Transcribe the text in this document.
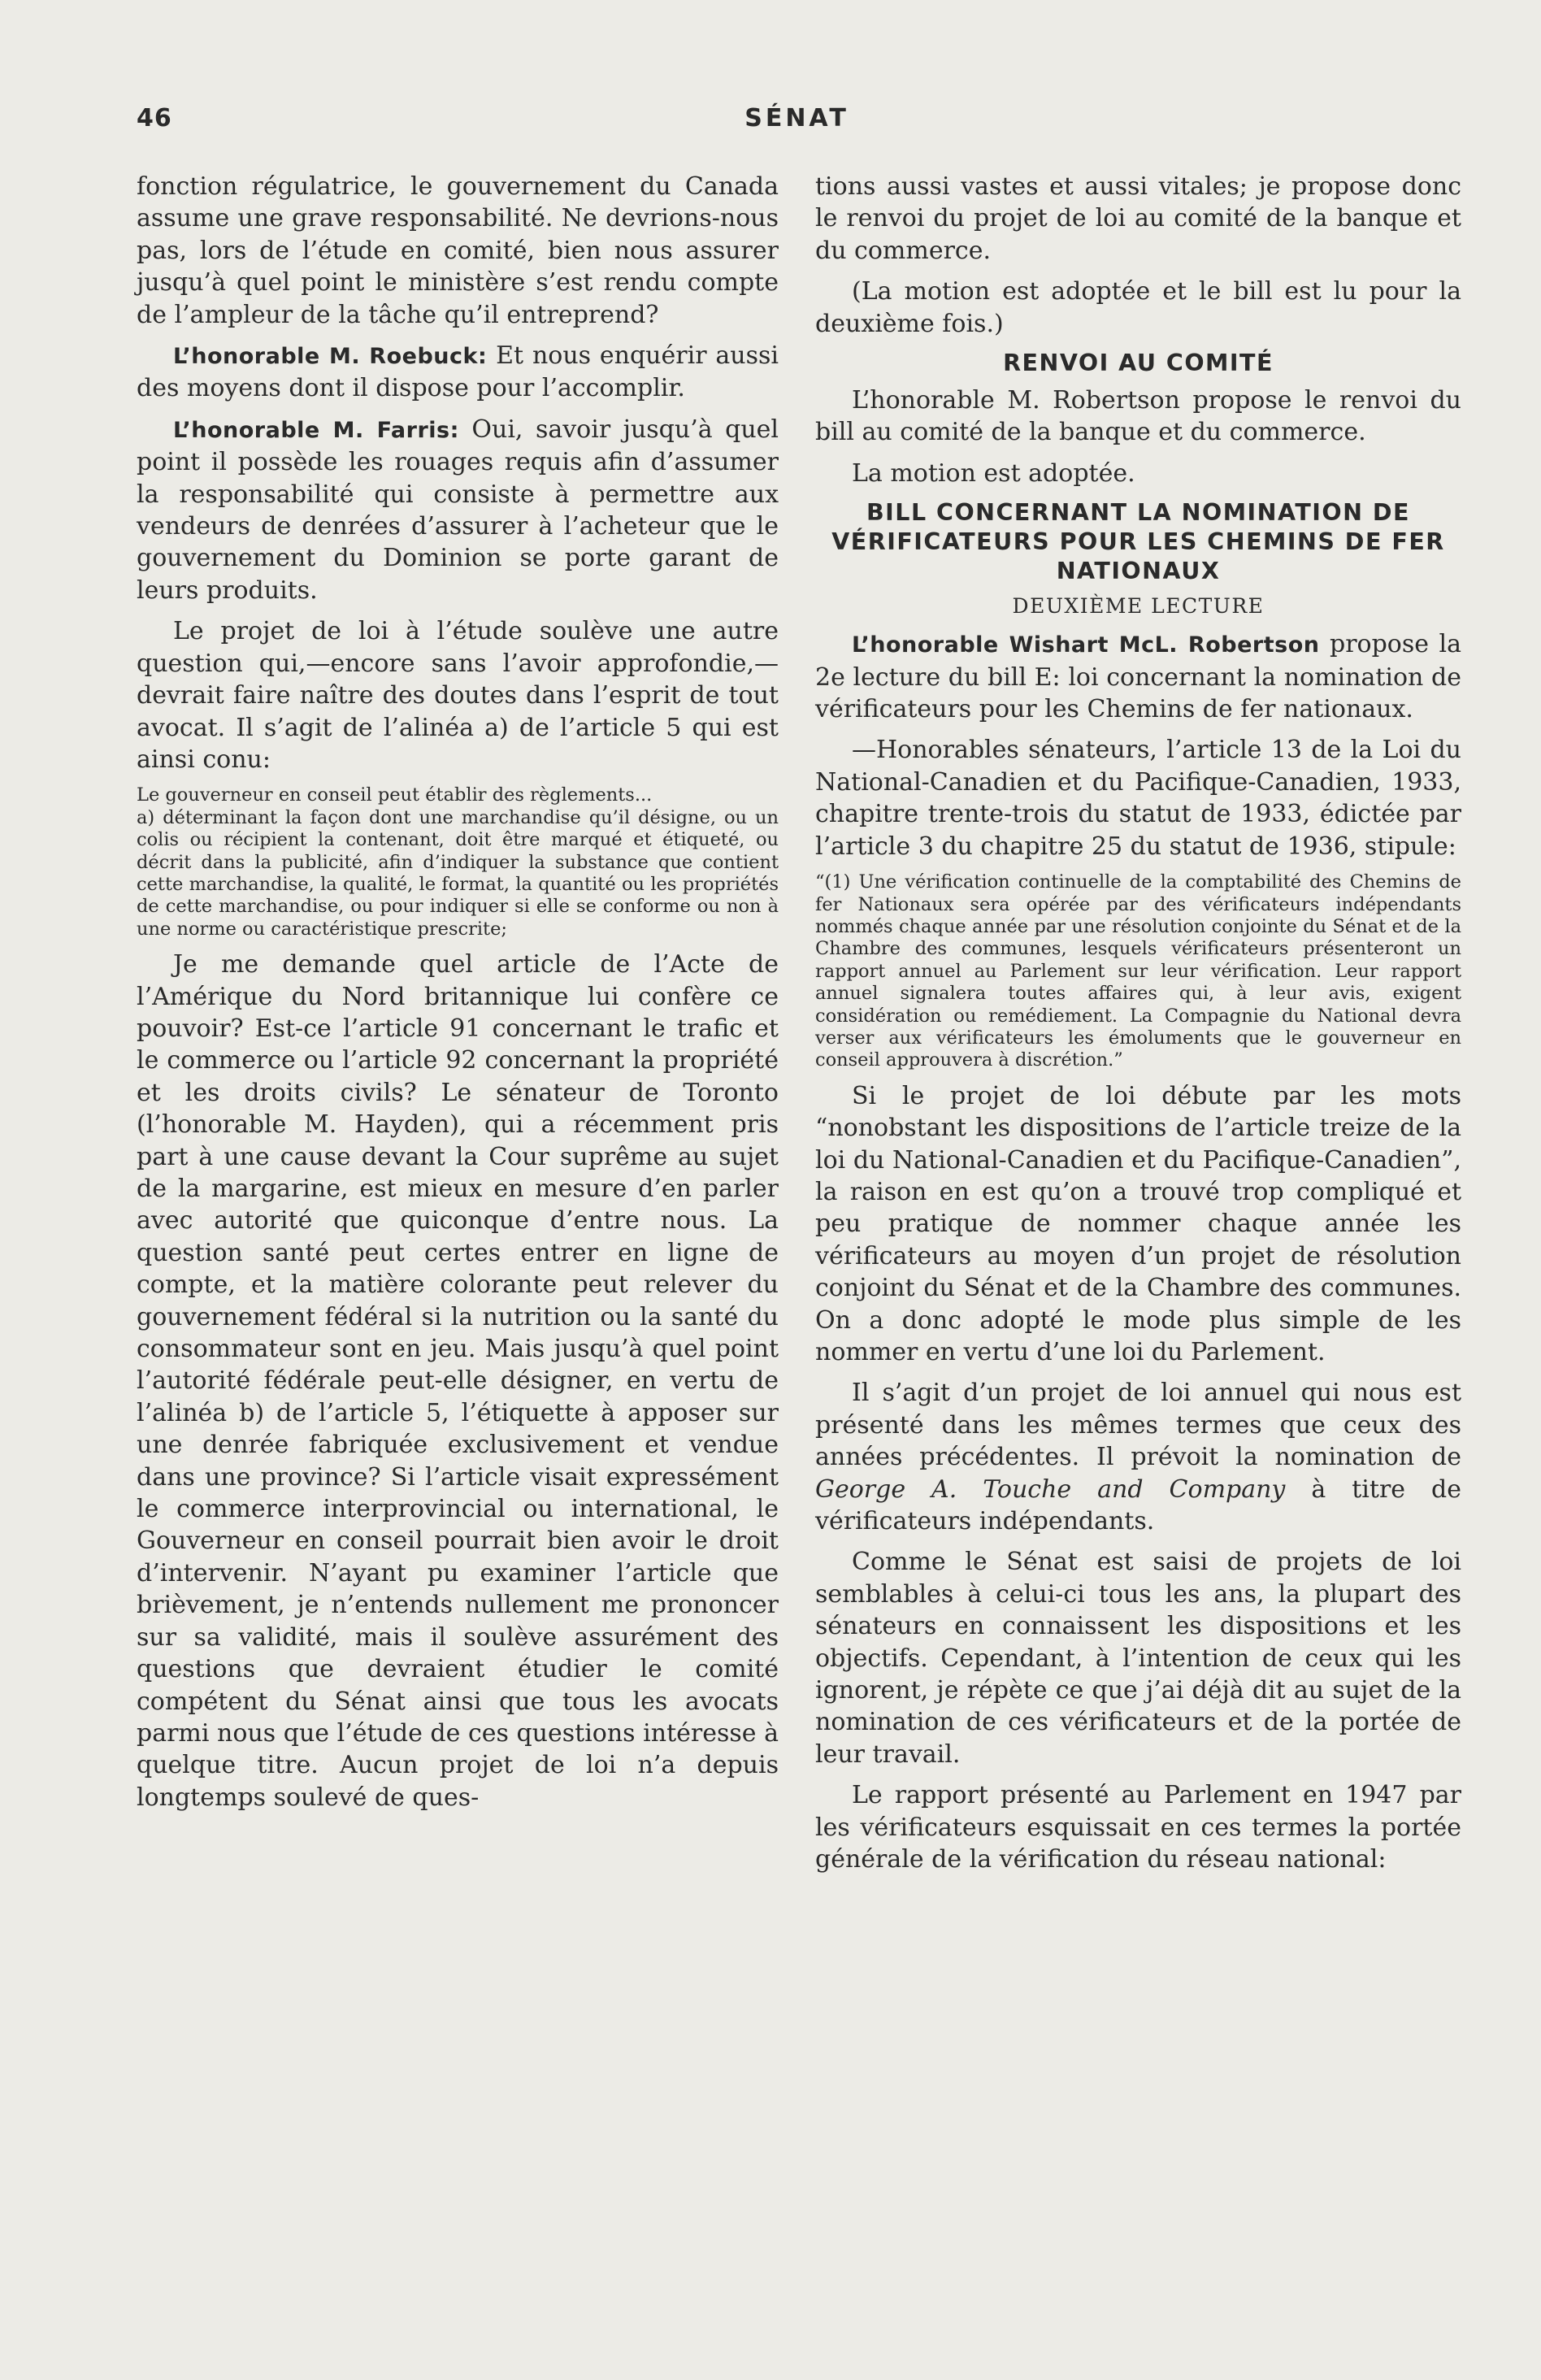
46	SÉNAT

fonction régulatrice, le gouvernement du Canada assume une grave responsabilité. Ne devrions-nous pas, lors de l’étude en comité, bien nous assurer jusqu’à quel point le ministère s’est rendu compte de l’ampleur de la tâche qu’il entreprend?

L’honorable M. Roebuck: Et nous enquérir aussi des moyens dont il dispose pour l’accomplir.

L’honorable M. Farris: Oui, savoir jusqu’à quel point il possède les rouages requis afin d’assumer la responsabilité qui consiste à permettre aux vendeurs de denrées d’assurer à l’acheteur que le gouvernement du Dominion se porte garant de leurs produits.

Le projet de loi à l’étude soulève une autre question qui,—encore sans l’avoir approfondie,—devrait faire naître des doutes dans l’esprit de tout avocat. Il s’agit de l’alinéa a) de l’article 5 qui est ainsi conu:

Le gouverneur en conseil peut établir des règlements...

a) déterminant la façon dont une marchandise qu’il désigne, ou un colis ou récipient la contenant, doit être marqué et étiqueté, ou décrit dans la publicité, afin d’indiquer la substance que contient cette marchandise, la qualité, le format, la quantité ou les propriétés de cette marchandise, ou pour indiquer si elle se conforme ou non à une norme ou caractéristique prescrite;

Je me demande quel article de l’Acte de l’Amérique du Nord britannique lui confère ce pouvoir? Est-ce l’article 91 concernant le trafic et le commerce ou l’article 92 concernant la propriété et les droits civils? Le sénateur de Toronto (l’honorable M. Hayden), qui a récemment pris part à une cause devant la Cour suprême au sujet de la margarine, est mieux en mesure d’en parler avec autorité que quiconque d’entre nous. La question santé peut certes entrer en ligne de compte, et la matière colorante peut relever du gouvernement fédéral si la nutrition ou la santé du consommateur sont en jeu. Mais jusqu’à quel point l’autorité fédérale peut-elle désigner, en vertu de l’alinéa b) de l’article 5, l’étiquette à apposer sur une denrée fabriquée exclusivement et vendue dans une province? Si l’article visait expressément le commerce interprovincial ou international, le Gouverneur en conseil pourrait bien avoir le droit d’intervenir. N’ayant pu examiner l’article que brièvement, je n’entends nullement me prononcer sur sa validité, mais il soulève assurément des questions que devraient étudier le comité compétent du Sénat ainsi que tous les avocats parmi nous que l’étude de ces questions intéresse à quelque titre. Aucun projet de loi n’a depuis longtemps soulevé de ques-

tions aussi vastes et aussi vitales; je propose donc le renvoi du projet de loi au comité de la banque et du commerce.

(La motion est adoptée et le bill est lu pour la deuxième fois.)

RENVOI AU COMITÉ

L’honorable M. Robertson propose le renvoi du bill au comité de la banque et du commerce.

La motion est adoptée.

BILL CONCERNANT LA NOMINATION DE VÉRIFICATEURS POUR LES CHEMINS DE FER NATIONAUX
DEUXIÈME LECTURE

L’honorable Wishart McL. Robertson propose la 2e lecture du bill E: loi concernant la nomination de vérificateurs pour les Chemins de fer nationaux.

—Honorables sénateurs, l’article 13 de la Loi du National-Canadien et du Pacifique-Canadien, 1933, chapitre trente-trois du statut de 1933, édictée par l’article 3 du chapitre 25 du statut de 1936, stipule:

“(1) Une vérification continuelle de la comptabilité des Chemins de fer Nationaux sera opérée par des vérificateurs indépendants nommés chaque année par une résolution conjointe du Sénat et de la Chambre des communes, lesquels vérificateurs présenteront un rapport annuel au Parlement sur leur vérification. Leur rapport annuel signalera toutes affaires qui, à leur avis, exigent considération ou remédiement. La Compagnie du National devra verser aux vérificateurs les émoluments que le gouverneur en conseil approuvera à discrétion.”

Si le projet de loi débute par les mots “nonobstant les dispositions de l’article treize de la loi du National-Canadien et du Pacifique-Canadien”, la raison en est qu’on a trouvé trop compliqué et peu pratique de nommer chaque année les vérificateurs au moyen d’un projet de résolution conjoint du Sénat et de la Chambre des communes. On a donc adopté le mode plus simple de les nommer en vertu d’une loi du Parlement.

Il s’agit d’un projet de loi annuel qui nous est présenté dans les mêmes termes que ceux des années précédentes. Il prévoit la nomination de George A. Touche and Company à titre de vérificateurs indépendants.

Comme le Sénat est saisi de projets de loi semblables à celui-ci tous les ans, la plupart des sénateurs en connaissent les dispositions et les objectifs. Cependant, à l’intention de ceux qui les ignorent, je répète ce que j’ai déjà dit au sujet de la nomination de ces vérificateurs et de la portée de leur travail.

Le rapport présenté au Parlement en 1947 par les vérificateurs esquissait en ces termes la portée générale de la vérification du réseau national:
